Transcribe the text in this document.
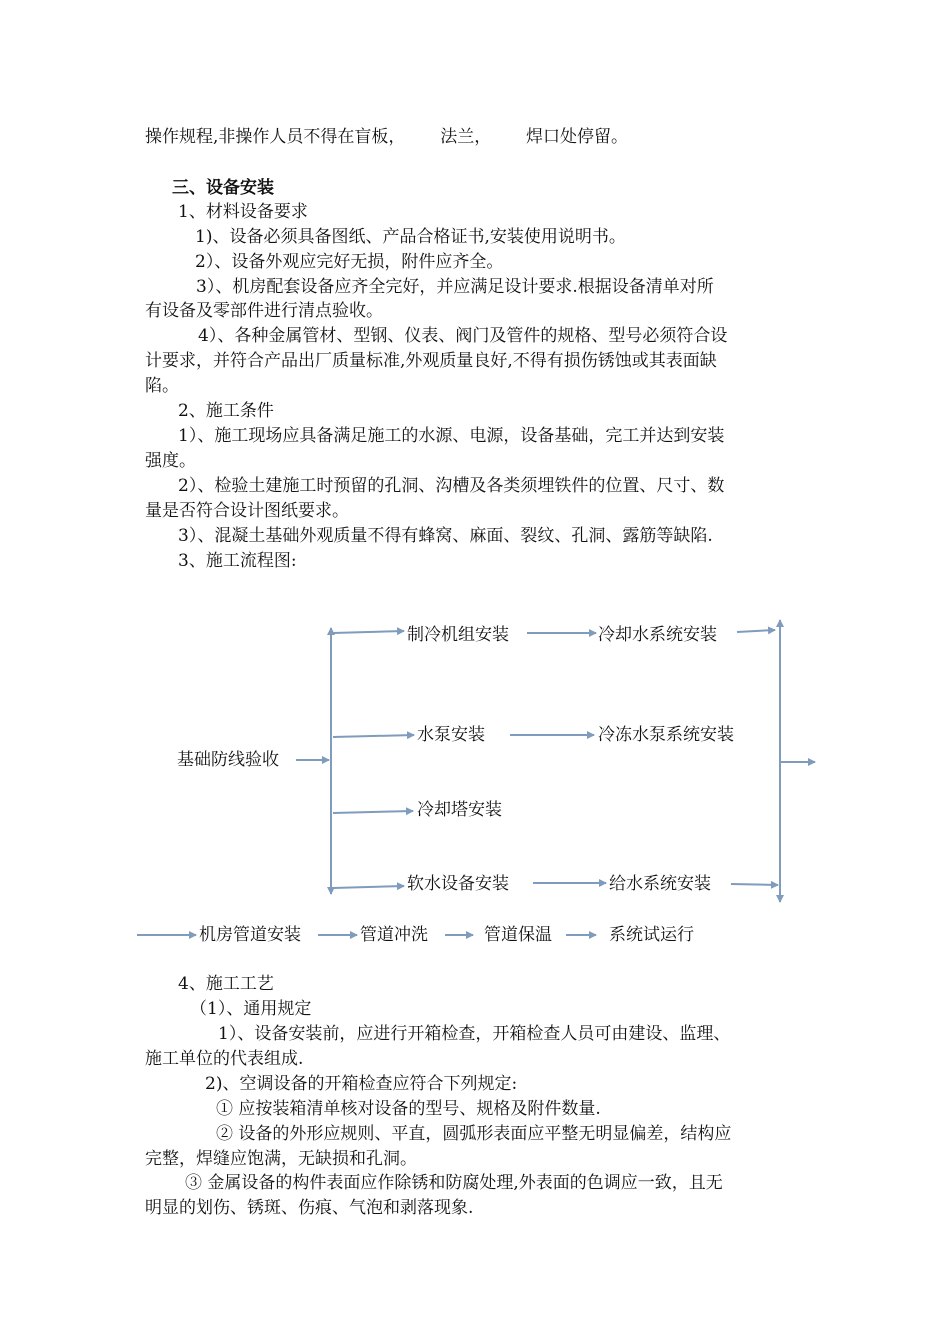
操作规程,非操作人员不得在盲板， 法兰， 焊口处停留。
三、设备安装
1、材料设备要求
1)、设备必须具备图纸、产品合格证书,安装使用说明书。
2）、设备外观应完好无损，附件应齐全。
3）、机房配套设备应齐全完好，并应满足设计要求.根据设备清单对所
有设备及零部件进行清点验收。
4）、各种金属管材、型钢、仪表、阀门及管件的规格、型号必须符合设
计要求，并符合产品出厂质量标准,外观质量良好,不得有损伤锈蚀或其表面缺
陷。
2、施工条件
1）、施工现场应具备满足施工的水源、电源，设备基础，完工并达到安装
强度。
2）、检验土建施工时预留的孔洞、沟槽及各类须埋铁件的位置、尺寸、数
量是否符合设计图纸要求。
3）、混凝土基础外观质量不得有蜂窝、麻面、裂纹、孔洞、露筋等缺陷.
3、施工流程图:
基础防线验收
制冷机组安装	冷却水系统安装
水泵安装	冷冻水泵系统安装
冷却塔安装
软水设备安装	给水系统安装
机房管道安装	管道冲洗	管道保温	系统试运行
4、施工工艺
（1）、通用规定
1）、设备安装前，应进行开箱检查，开箱检查人员可由建设、监理、
施工单位的代表组成.
2)、空调设备的开箱检查应符合下列规定:
① 应按装箱清单核对设备的型号、规格及附件数量.
② 设备的外形应规则、平直，圆弧形表面应平整无明显偏差，结构应
完整，焊缝应饱满，无缺损和孔洞。
③ 金属设备的构件表面应作除锈和防腐处理,外表面的色调应一致，且无
明显的划伤、锈斑、伤痕、气泡和剥落现象.
